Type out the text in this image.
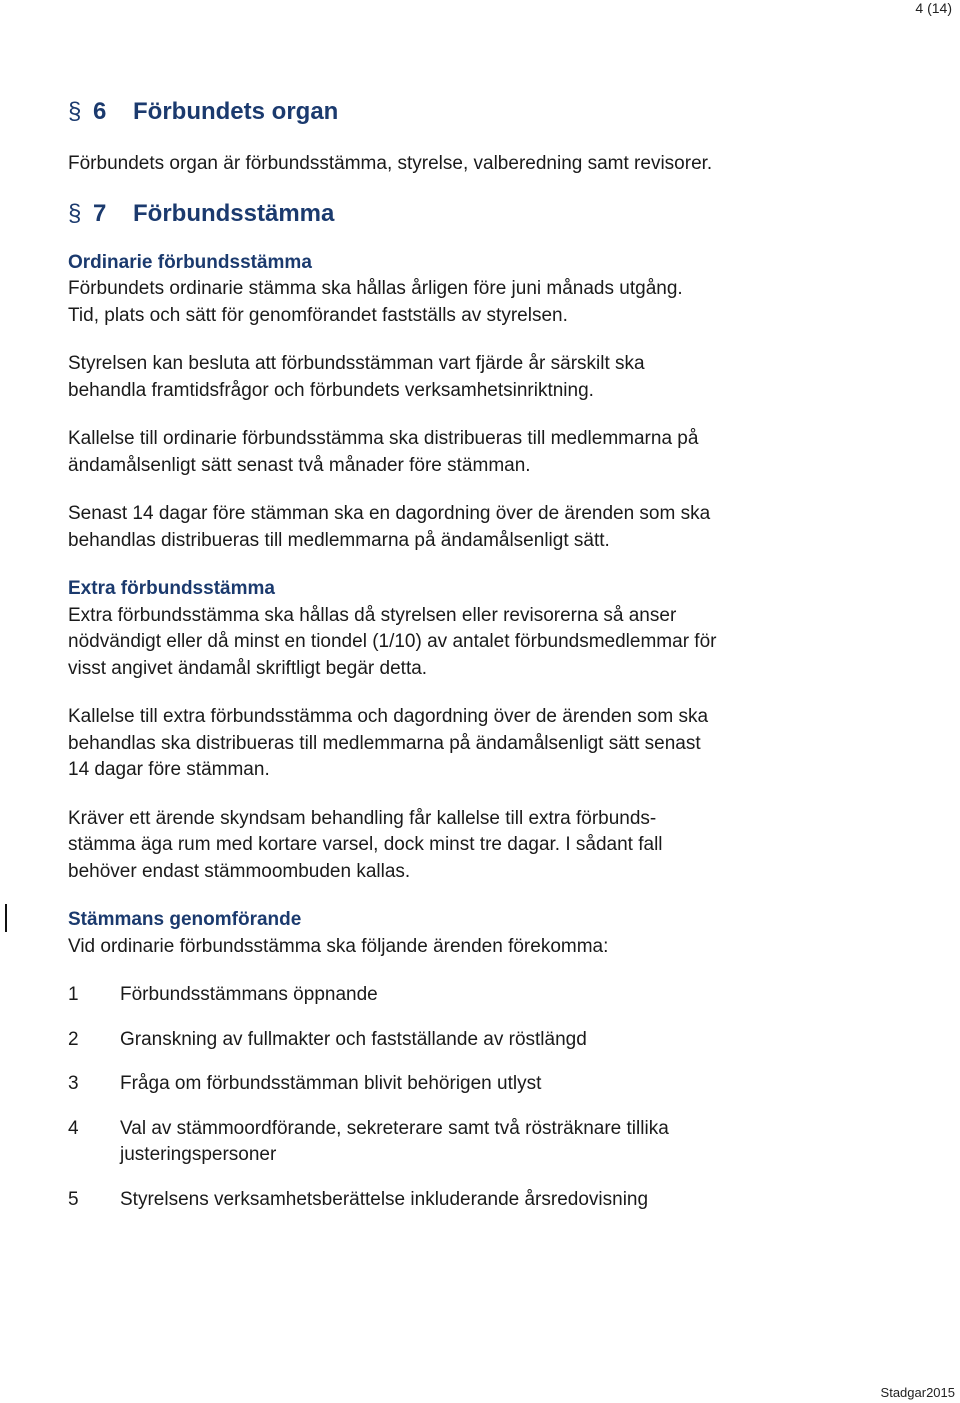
4 (14)
§ 6	Förbundets organ

Förbundets organ är förbundsstämma, styrelse, valberedning samt revisorer.

§ 7	Förbundsstämma
Ordinarie förbundsstämma

Förbundets ordinarie stämma ska hållas årligen före juni månads utgång.

Tid, plats och sätt för genomförandet fastställs av styrelsen.

Styrelsen kan besluta att förbundsstämman vart fjärde år särskilt ska

behandla framtidsfrågor och förbundets verksamhetsinriktning.

Kallelse till ordinarie förbundsstämma ska distribueras till medlemmarna på

ändamålsenligt sätt senast två månader före stämman.

Senast 14 dagar före stämman ska en dagordning över de ärenden som ska

behandlas distribueras till medlemmarna på ändamålsenligt sätt.

Extra förbundsstämma

Extra förbundsstämma ska hållas då styrelsen eller revisorerna så anser

nödvändigt eller då minst en tiondel (1/10) av antalet förbundsmedlemmar för

visst angivet ändamål skriftligt begär detta.

Kallelse till extra förbundsstämma och dagordning över de ärenden som ska

behandlas ska distribueras till medlemmarna på ändamålsenligt sätt senast

14 dagar före stämman.

Kräver ett ärende skyndsam behandling får kallelse till extra förbunds-

stämma äga rum med kortare varsel, dock minst tre dagar. I sådant fall

behöver endast stämmoombuden kallas.

Stämmans genomförande

Vid ordinarie förbundsstämma ska följande ärenden förekomma:

1	Förbundsstämmans öppnande
2	Granskning av fullmakter och fastställande av röstlängd
3	Fråga om förbundsstämman blivit behörigen utlyst
4	Val av stämmoordförande, sekreterare samt två rösträknare tillika
justeringspersoner
5	Styrelsens verksamhetsberättelse inkluderande årsredovisning
Stadgar2015
